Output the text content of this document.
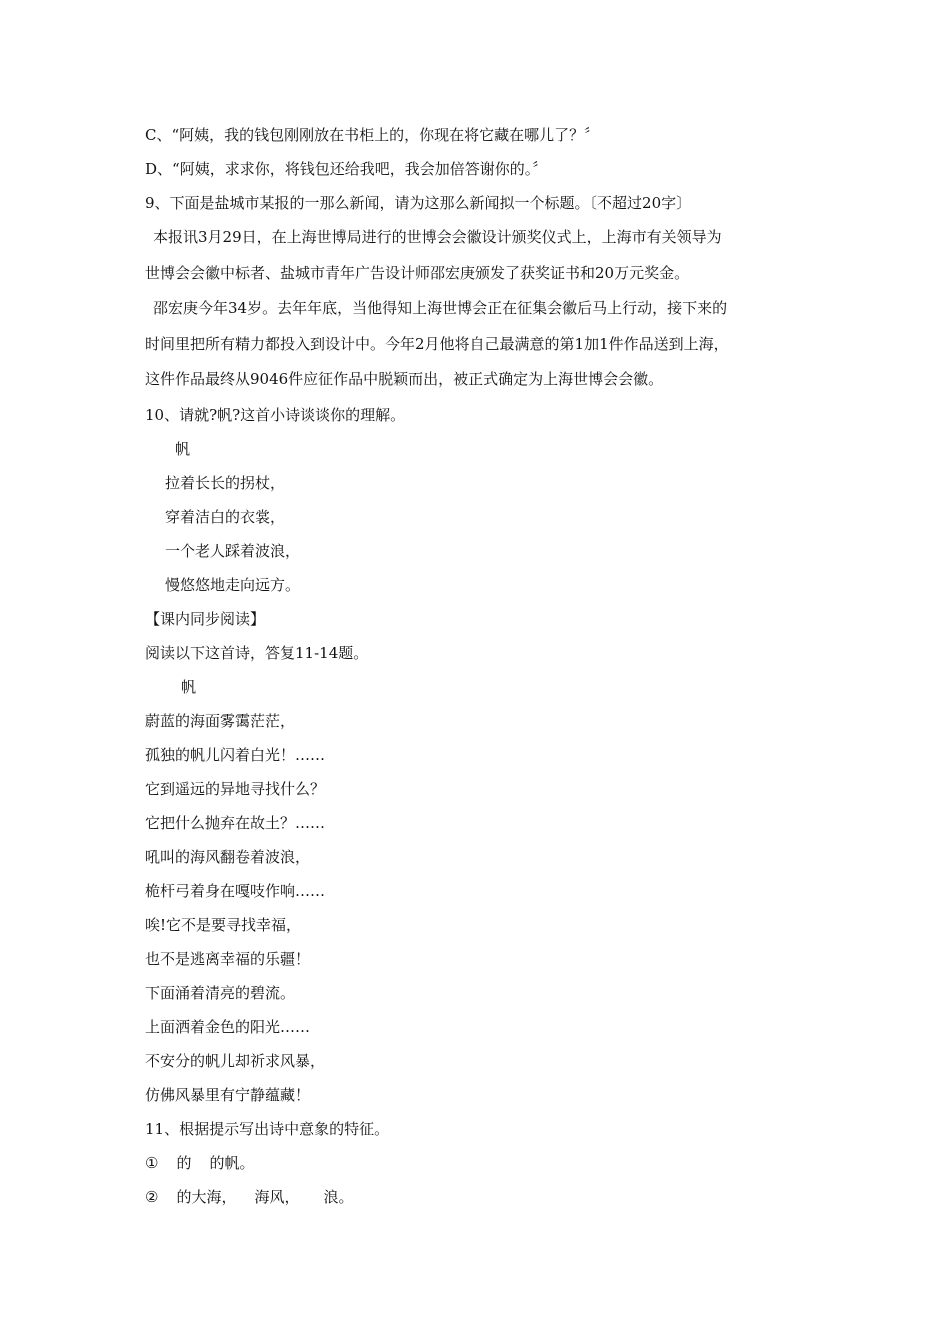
C、“阿姨，我的钱包刚刚放在书柜上的，你现在将它藏在哪儿了？〞
D、“阿姨，求求你，将钱包还给我吧，我会加倍答谢你的。〞
9、下面是盐城市某报的一那么新闻，请为这那么新闻拟一个标题。〔不超过20字〕
本报讯3月29日，在上海世博局进行的世博会会徽设计颁奖仪式上，上海市有关领导为
世博会会徽中标者、盐城市青年广告设计师邵宏庚颁发了获奖证书和20万元奖金。
邵宏庚今年34岁。去年年底，当他得知上海世博会正在征集会徽后马上行动，接下来的
时间里把所有精力都投入到设计中。今年2月他将自己最满意的第1加1件作品送到上海，
这件作品最终从9046件应征作品中脱颖而出，被正式确定为上海世博会会徽。
10、请就?帆?这首小诗谈谈你的理解。
帆
拉着长长的拐杖，
穿着洁白的衣裳，
一个老人踩着波浪，
慢悠悠地走向远方。
【课内同步阅读】
阅读以下这首诗，答复11-14题。
帆
蔚蓝的海面雾霭茫茫，
孤独的帆儿闪着白光！……
它到遥远的异地寻找什么？
它把什么抛弃在故土？……
吼叫的海风翻卷着波浪，
桅杆弓着身在嘎吱作响……
唉!它不是要寻找幸福，
也不是逃离幸福的乐疆！
下面涌着清亮的碧流。
上面洒着金色的阳光……
不安分的帆儿却祈求风暴，
仿佛风暴里有宁静蕴藏！
11、根据提示写出诗中意象的特征。
① 的 的帆。
② 的大海， 海风， 浪。
